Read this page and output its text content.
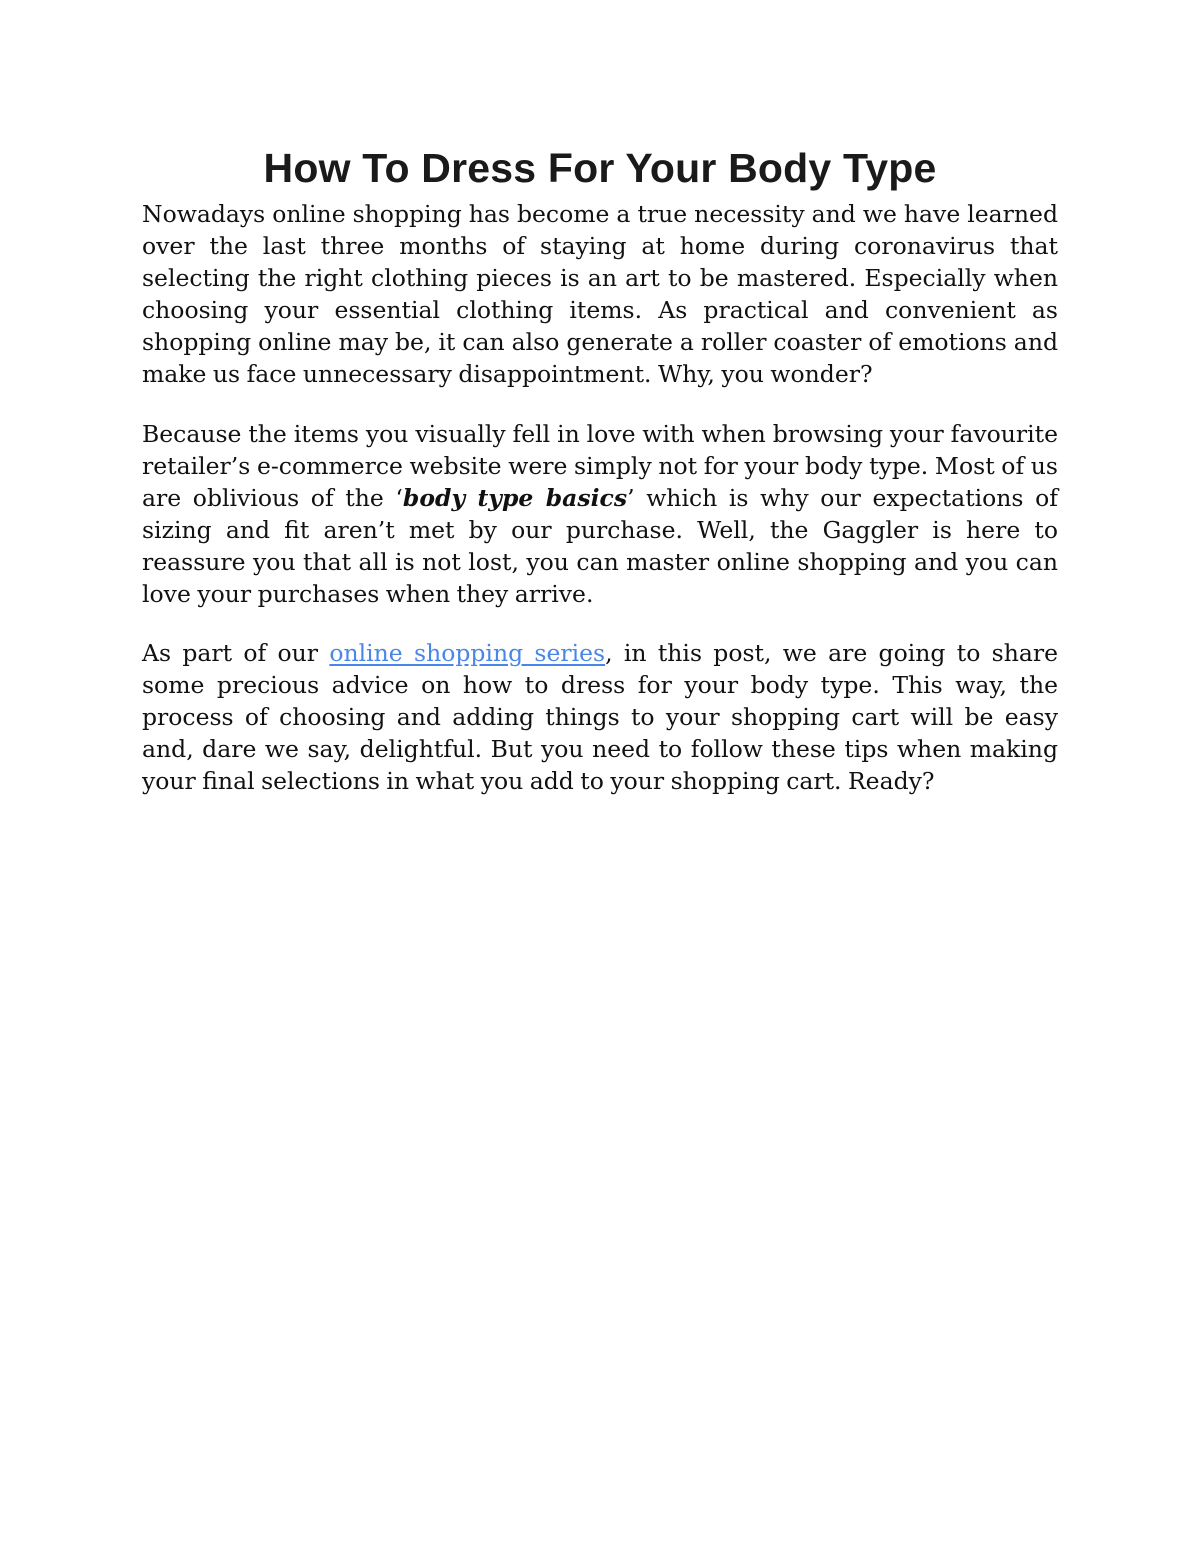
How To Dress For Your Body Type

Nowadays online shopping has become a true necessity and we have learned over the last three months of staying at home during coronavirus that selecting the right clothing pieces is an art to be mastered. Especially when choosing your essential clothing items. As practical and convenient as shopping online may be, it can also generate a roller coaster of emotions and make us face unnecessary disappointment. Why, you wonder?

Because the items you visually fell in love with when browsing your favourite retailer’s e-commerce website were simply not for your body type. Most of us are oblivious of the ‘body type basics’ which is why our expectations of sizing and fit aren’t met by our purchase. Well, the Gaggler is here to reassure you that all is not lost, you can master online shopping and you can love your purchases when they arrive.

As part of our online shopping series, in this post, we are going to share some precious advice on how to dress for your body type. This way, the process of choosing and adding things to your shopping cart will be easy and, dare we say, delightful. But you need to follow these tips when making your final selections in what you add to your shopping cart. Ready?
